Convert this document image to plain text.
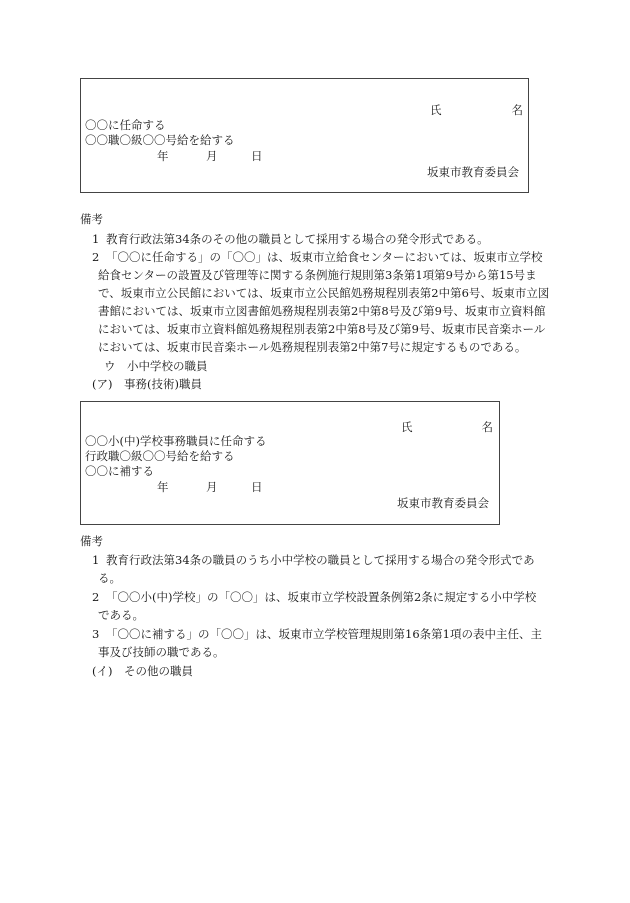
氏	名
〇〇に任命する
〇〇職〇級〇〇号給を給する
年	月	日
坂東市教育委員会
備考
1 教育行政法第34条のその他の職員として採用する場合の発令形式である。
2 「〇〇に任命する」の「〇〇」は、坂東市立給食センターにおいては、坂東市立学校
給食センターの設置及び管理等に関する条例施行規則第3条第1項第9号から第15号ま
で、坂東市立公民館においては、坂東市立公民館処務規程別表第2中第6号、坂東市立図
書館においては、坂東市立図書館処務規程別表第2中第8号及び第9号、坂東市立資料館
においては、坂東市立資料館処務規程別表第2中第8号及び第9号、坂東市民音楽ホール
においては、坂東市民音楽ホール処務規程別表第2中第7号に規定するものである。
ウ　小中学校の職員
(ア)　事務(技術)職員
氏	名
〇〇小(中)学校事務職員に任命する
行政職〇級〇〇号給を給する
〇〇に補する
年	月	日
坂東市教育委員会
備考
1 教育行政法第34条の職員のうち小中学校の職員として採用する場合の発令形式であ
る。
2 「〇〇小(中)学校」の「〇〇」は、坂東市立学校設置条例第2条に規定する小中学校
である。
3 「〇〇に補する」の「〇〇」は、坂東市立学校管理規則第16条第1項の表中主任、主
事及び技師の職である。
(イ)　その他の職員
